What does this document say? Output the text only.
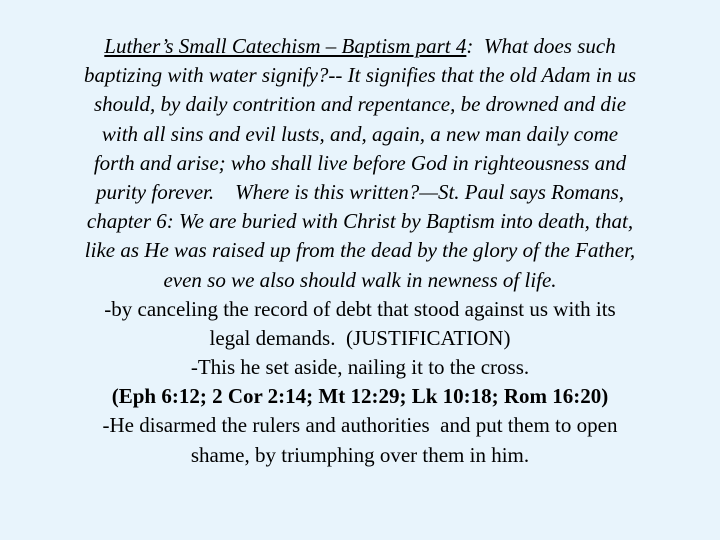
Luther’s Small Catechism – Baptism part 4:  What does such
baptizing with water signify?-- It signifies that the old Adam in us
should, by daily contrition and repentance, be drowned and die
with all sins and evil lusts, and, again, a new man daily come
forth and arise; who shall live before God in righteousness and
purity forever.    Where is this written?—St. Paul says Romans,
chapter 6: We are buried with Christ by Baptism into death, that,
like as He was raised up from the dead by the glory of the Father,
even so we also should walk in newness of life.
-by canceling the record of debt that stood against us with its
legal demands.  (JUSTIFICATION)
-This he set aside, nailing it to the cross.
(Eph 6:12; 2 Cor 2:14; Mt 12:29; Lk 10:18; Rom 16:20)
-He disarmed the rulers and authorities  and put them to open
shame, by triumphing over them in him.
